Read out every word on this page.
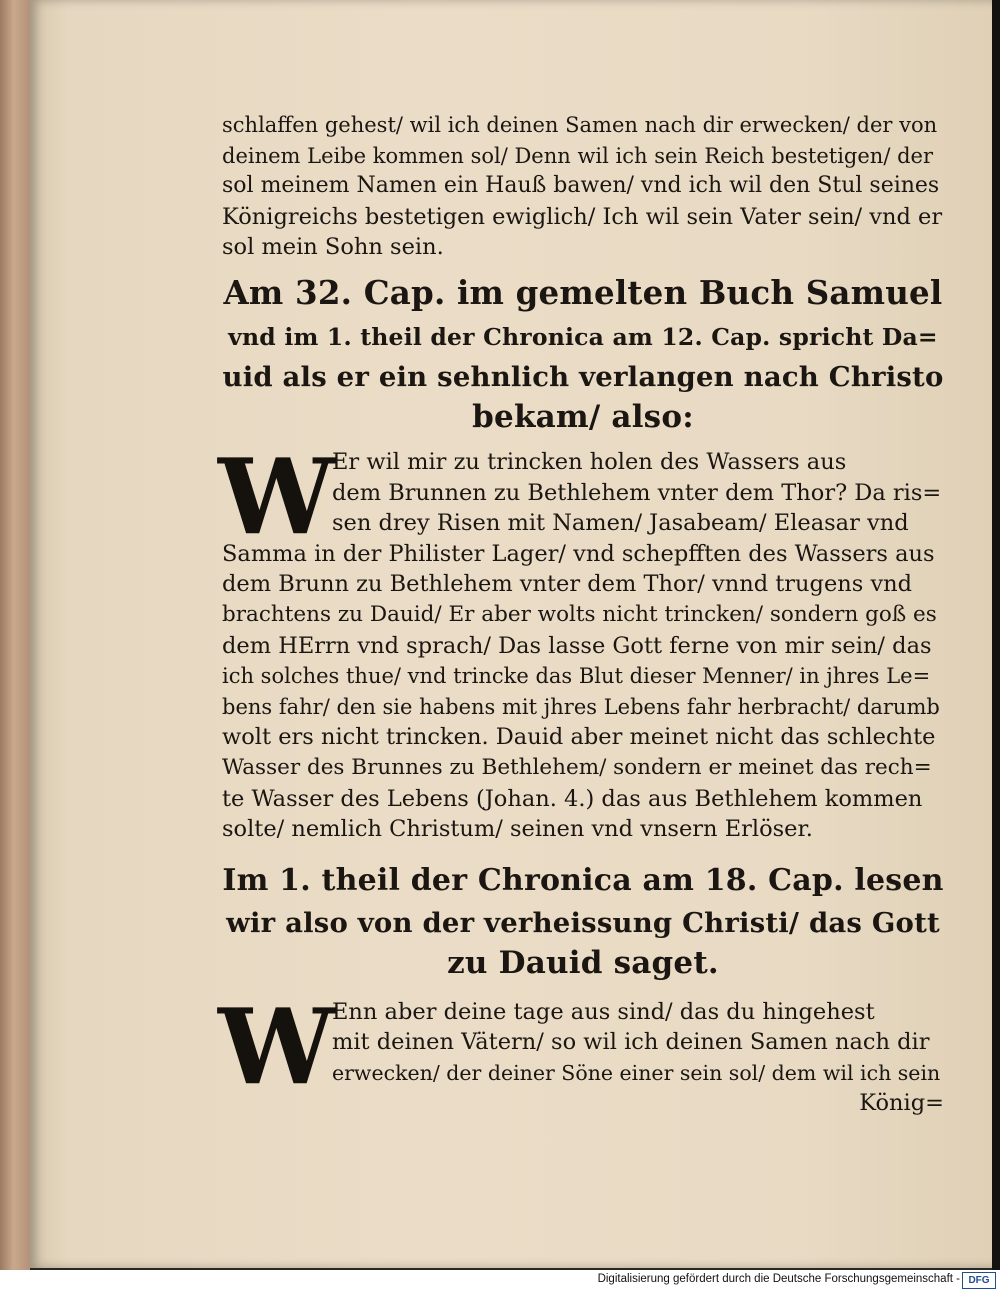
schlaffen gehest/ wil ich deinen Samen nach dir erwecken/ der von
deinem Leibe kommen sol/ Denn wil ich sein Reich bestetigen/ der
sol meinem Namen ein Hauß bawen/ vnd ich wil den Stul seines
Königreichs bestetigen ewiglich/ Ich wil sein Vater sein/ vnd er
sol mein Sohn sein.
Am 32. Cap. im gemelten Buch Samuel
vnd im 1. theil der Chronica am 12. Cap. spricht Da=
uid als er ein sehnlich verlangen nach Christo
bekam/ also:
W
Er wil mir zu trincken holen des Wassers aus
dem Brunnen zu Bethlehem vnter dem Thor? Da ris=
sen drey Risen mit Namen/ Jasabeam/ Eleasar vnd
Samma in der Philister Lager/ vnd schepfften des Wassers aus
dem Brunn zu Bethlehem vnter dem Thor/ vnnd trugens vnd
brachtens zu Dauid/ Er aber wolts nicht trincken/ sondern goß es
dem HErrn vnd sprach/ Das lasse Gott ferne von mir sein/ das
ich solches thue/ vnd trincke das Blut dieser Menner/ in jhres Le=
bens fahr/ den sie habens mit jhres Lebens fahr herbracht/ darumb
wolt ers nicht trincken. Dauid aber meinet nicht das schlechte
Wasser des Brunnes zu Bethlehem/ sondern er meinet das rech=
te Wasser des Lebens (Johan. 4.) das aus Bethlehem kommen
solte/ nemlich Christum/ seinen vnd vnsern Erlöser.
Im 1. theil der Chronica am 18. Cap. lesen
wir also von der verheissung Christi/ das Gott
zu Dauid saget.
W
Enn aber deine tage aus sind/ das du hingehest
mit deinen Vätern/ so wil ich deinen Samen nach dir
erwecken/ der deiner Söne einer sein sol/ dem wil ich sein
König=
Digitalisierung gefördert durch die Deutsche Forschungsgemeinschaft - DFG
